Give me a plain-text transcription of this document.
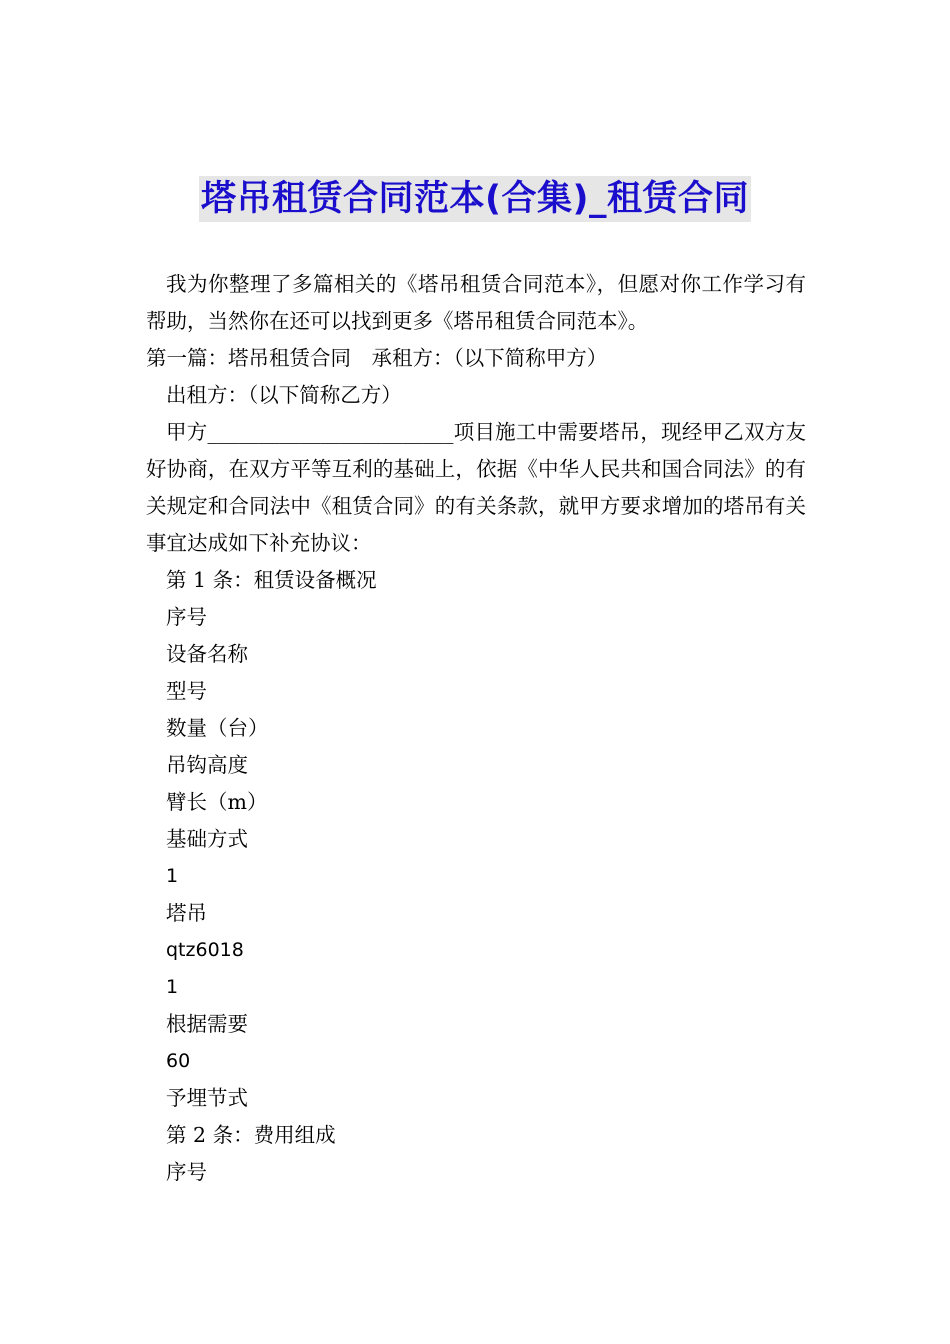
塔吊租赁合同范本(合集)_租赁合同

我为你整理了多篇相关的《塔吊租赁合同范本》，但愿对你工作学习有帮助，当然你在还可以找到更多《塔吊租赁合同范本》。

第一篇：塔吊租赁合同　承租方：（以下简称甲方）

出租方：（以下简称乙方）

甲方________________________项目施工中需要塔吊，现经甲乙双方友好协商，在双方平等互利的基础上，依据《中华人民共和国合同法》的有关规定和合同法中《租赁合同》的有关条款，就甲方要求增加的塔吊有关事宜达成如下补充协议：

第 1 条：租赁设备概况

序号

设备名称

型号

数量（台）

吊钩高度

臂长（m）

基础方式

1

塔吊

qtz6018

1

根据需要

60

予埋节式

第 2 条：费用组成

序号
